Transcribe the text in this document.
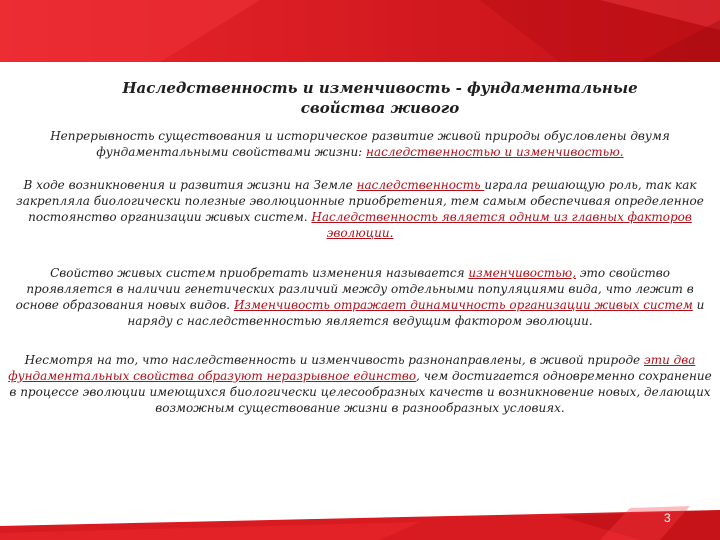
Наследственность и изменчивость - фундаментальные свойства живого

Непрерывность существования и историческое развитие живой природы обусловлены двумя фундаментальными свойствами жизни: наследственностью и изменчивостью.

В ходе возникновения и развития жизни на Земле наследственность играла решающую роль, так как закрепляла биологически полезные эволюционные приобретения, тем самым обеспечивая определенное постоянство организации живых систем. Наследственность является одним из главных факторов эволюции.

Свойство живых систем приобретать изменения называется изменчивостью, это свойство проявляется в наличии генетических различий между отдельными популяциями вида, что лежит в основе образования новых видов. Изменчивость отражает динамичность организации живых систем и наряду с наследственностью является ведущим фактором эволюции.

Несмотря на то, что наследственность и изменчивость разнонаправлены, в живой природе эти два фундаментальных свойства образуют неразрывное единство, чем достигается одновременно сохранение в процессе эволюции имеющихся биологически целесообразных качеств и возникновение новых, делающих возможным существование жизни в разнообразных условиях.

3
